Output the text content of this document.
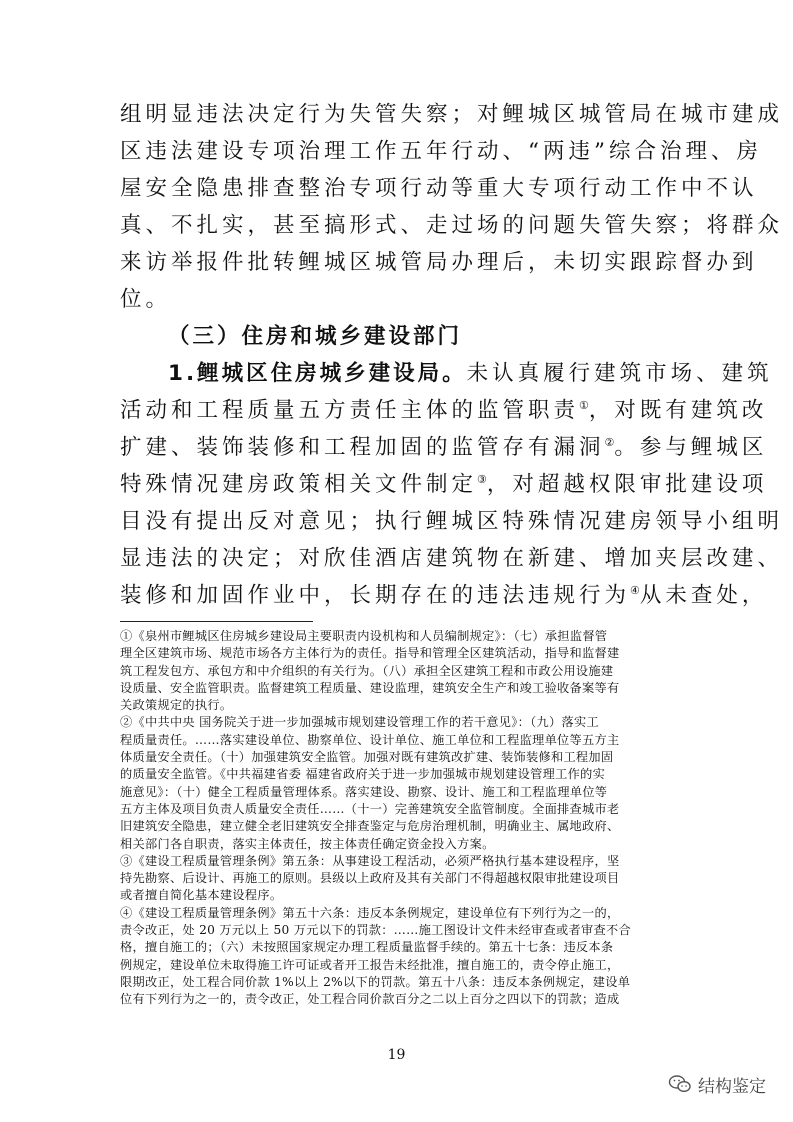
组明显违法决定行为失管失察；对鲤城区城管局在城市建成
区违法建设专项治理工作五年行动、“两违”综合治理、房
屋安全隐患排查整治专项行动等重大专项行动工作中不认
真、不扎实，甚至搞形式、走过场的问题失管失察；将群众
来访举报件批转鲤城区城管局办理后，未切实跟踪督办到
位。
（三）住房和城乡建设部门
1.鲤城区住房城乡建设局。未认真履行建筑市场、建筑
活动和工程质量五方责任主体的监管职责①，对既有建筑改
扩建、装饰装修和工程加固的监管存有漏洞②。参与鲤城区
特殊情况建房政策相关文件制定③，对超越权限审批建设项
目没有提出反对意见；执行鲤城区特殊情况建房领导小组明
显违法的决定；对欣佳酒店建筑物在新建、增加夹层改建、
装修和加固作业中，长期存在的违法违规行为④从未查处，
①《泉州市鲤城区住房城乡建设局主要职责内设机构和人员编制规定》：（七）承担监督管
理全区建筑市场、规范市场各方主体行为的责任。指导和管理全区建筑活动，指导和监督建
筑工程发包方、承包方和中介组织的有关行为。（八）承担全区建筑工程和市政公用设施建
设质量、安全监管职责。监督建筑工程质量、建设监理，建筑安全生产和竣工验收备案等有
关政策规定的执行。
②《中共中央 国务院关于进一步加强城市规划建设管理工作的若干意见》：（九）落实工
程质量责任。……落实建设单位、勘察单位、设计单位、施工单位和工程监理单位等五方主
体质量安全责任。（十）加强建筑安全监管。加强对既有建筑改扩建、装饰装修和工程加固
的质量安全监管。《中共福建省委 福建省政府关于进一步加强城市规划建设管理工作的实
施意见》：（十）健全工程质量管理体系。落实建设、勘察、设计、施工和工程监理单位等
五方主体及项目负责人质量安全责任……（十一）完善建筑安全监管制度。全面排查城市老
旧建筑安全隐患，建立健全老旧建筑安全排查鉴定与危房治理机制，明确业主、属地政府、
相关部门各自职责，落实主体责任，按主体责任确定资金投入方案。
③《建设工程质量管理条例》第五条：从事建设工程活动，必须严格执行基本建设程序，坚
持先勘察、后设计、再施工的原则。县级以上政府及其有关部门不得超越权限审批建设项目
或者擅自简化基本建设程序。
④《建设工程质量管理条例》第五十六条：违反本条例规定，建设单位有下列行为之一的，
责令改正，处 20 万元以上 50 万元以下的罚款：……施工图设计文件未经审查或者审查不合
格，擅自施工的；（六）未按照国家规定办理工程质量监督手续的。第五十七条：违反本条
例规定，建设单位未取得施工许可证或者开工报告未经批准，擅自施工的，责令停止施工，
限期改正，处工程合同价款 1%以上 2%以下的罚款。第五十八条：违反本条例规定，建设单
位有下列行为之一的，责令改正，处工程合同价款百分之二以上百分之四以下的罚款；造成
19
结构鉴定
